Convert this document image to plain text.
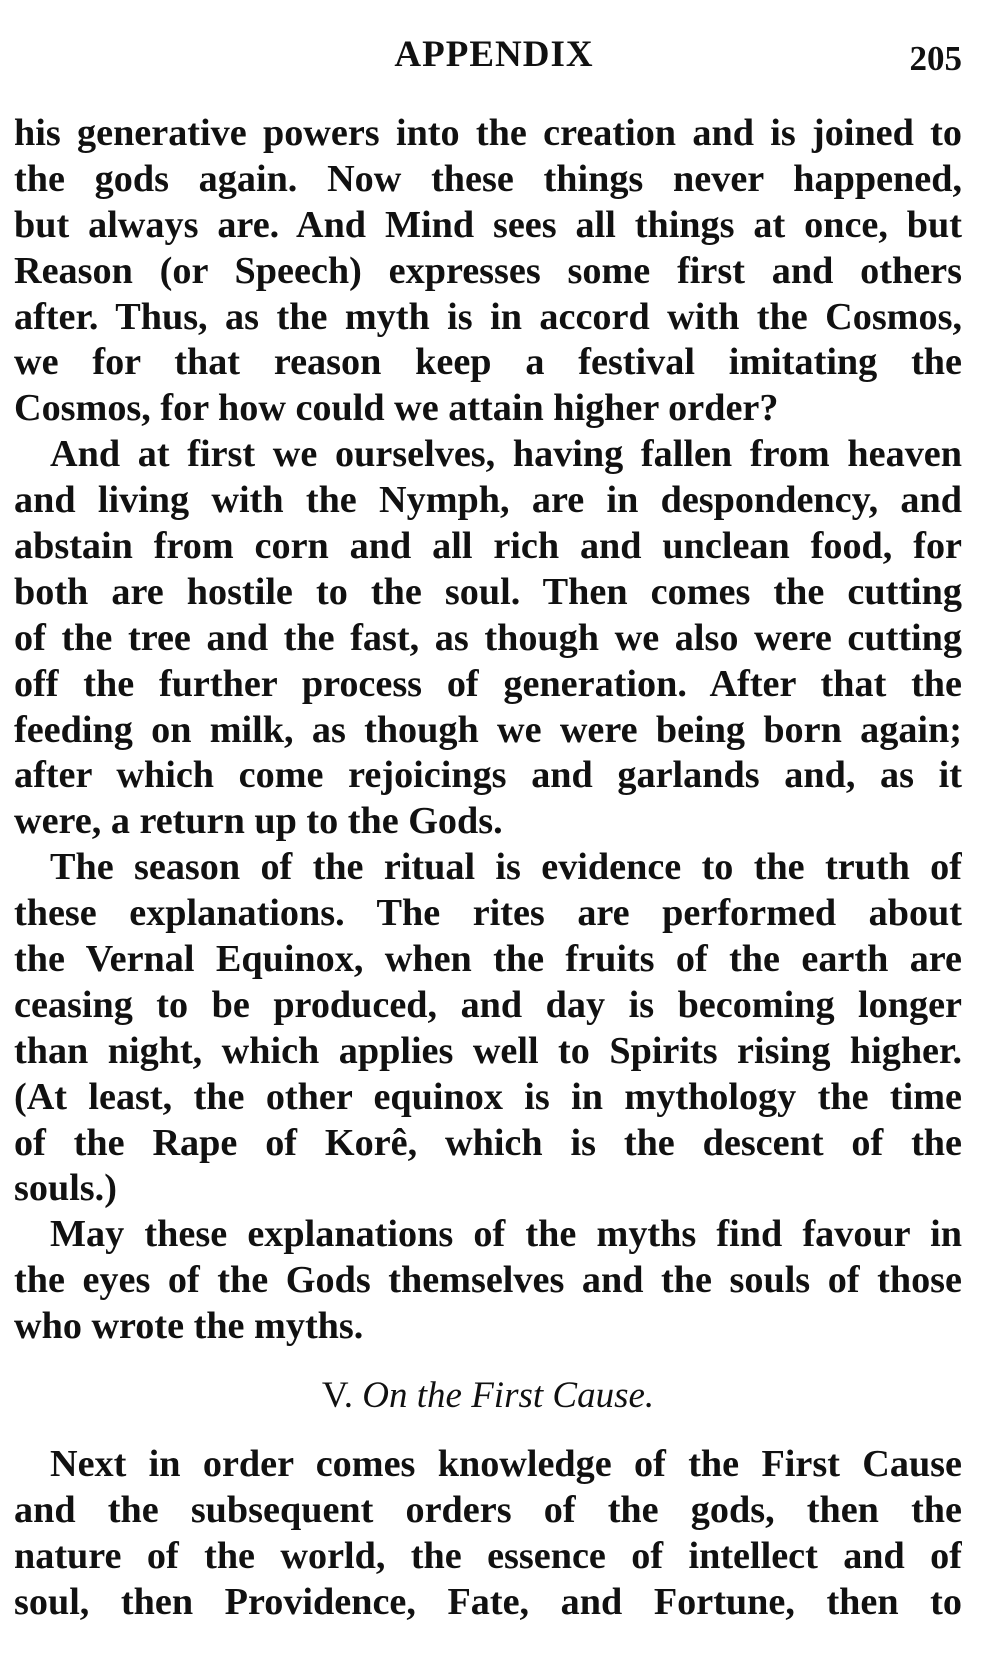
APPENDIX	205
his generative powers into the creation and is joined to
the gods again. Now these things never happened,
but always are. And Mind sees all things at once, but
Reason (or Speech) expresses some first and others
after. Thus, as the myth is in accord with the Cosmos,
we for that reason keep a festival imitating the
Cosmos, for how could we attain higher order?
And at first we ourselves, having fallen from heaven
and living with the Nymph, are in despondency, and
abstain from corn and all rich and unclean food, for
both are hostile to the soul. Then comes the cutting
of the tree and the fast, as though we also were cutting
off the further process of generation. After that the
feeding on milk, as though we were being born again;
after which come rejoicings and garlands and, as it
were, a return up to the Gods.
The season of the ritual is evidence to the truth of
these explanations. The rites are performed about
the Vernal Equinox, when the fruits of the earth are
ceasing to be produced, and day is becoming longer
than night, which applies well to Spirits rising higher.
(At least, the other equinox is in mythology the time
of the Rape of Korê, which is the descent of the
souls.)
May these explanations of the myths find favour in
the eyes of the Gods themselves and the souls of those
who wrote the myths.
V. On the First Cause.
Next in order comes knowledge of the First Cause
and the subsequent orders of the gods, then the
nature of the world, the essence of intellect and of
soul, then Providence, Fate, and Fortune, then to
